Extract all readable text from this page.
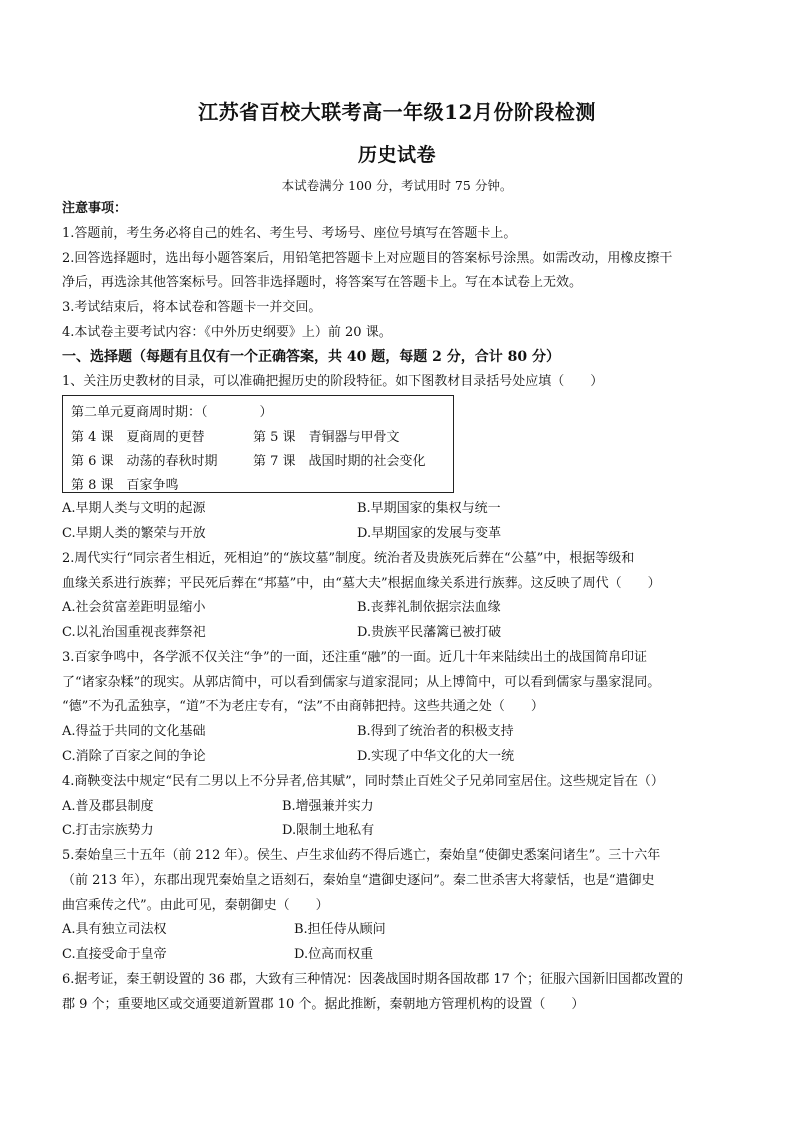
江苏省百校大联考高一年级12月份阶段检测
历史试卷
本试卷满分 100 分，考试用时 75 分钟。
注意事项：
1.答题前，考生务必将自己的姓名、考生号、考场号、座位号填写在答题卡上。
2.回答选择题时，选出每小题答案后，用铅笔把答题卡上对应题目的答案标号涂黑。如需改动，用橡皮擦干
净后，再选涂其他答案标号。回答非选择题时，将答案写在答题卡上。写在本试卷上无效。
3.考试结束后，将本试卷和答题卡一并交回。
4.本试卷主要考试内容：《中外历史纲要》上）前 20 课。
一、选择题（每题有且仅有一个正确答案，共 40 题，每题 2 分，合计 80 分）
1、关注历史教材的目录，可以准确把握历史的阶段特征。如下图教材目录括号处应填（　　）
第二单元夏商周时期：（　　　　）
第 4 课　夏商周的更替	第 5 课　青铜器与甲骨文
第 6 课　动荡的春秋时期	第 7 课　战国时期的社会变化
第 8 课　百家争鸣
A.早期人类与文明的起源	B.早期国家的集权与统一
C.早期人类的繁荣与开放	D.早期国家的发展与变革
2.周代实行“同宗者生相近，死相迫”的“族坟墓”制度。统治者及贵族死后葬在“公墓”中，根据等级和
血缘关系进行族葬；平民死后葬在“邦墓”中，由“墓大夫”根据血缘关系进行族葬。这反映了周代（　　）
A.社会贫富差距明显缩小	B.丧葬礼制依据宗法血缘
C.以礼治国重视丧葬祭祀	D.贵族平民藩篱已被打破
3.百家争鸣中，各学派不仅关注“争”的一面，还注重“融”的一面。近几十年来陆续出土的战国简帛印证
了“诸家杂糅”的现实。从郭店简中，可以看到儒家与道家混同；从上博简中，可以看到儒家与墨家混同。
“德”不为孔孟独享，“道”不为老庄专有，“法”不由商韩把持。这些共通之处（　　）
A.得益于共同的文化基础	B.得到了统治者的积极支持
C.消除了百家之间的争论	D.实现了中华文化的大一统
4.商鞅变法中规定“民有二男以上不分异者,倍其赋”，同时禁止百姓父子兄弟同室居住。这些规定旨在（）
A.普及郡县制度	B.增强兼并实力
C.打击宗族势力	D.限制土地私有
5.秦始皇三十五年（前 212 年）。侯生、卢生求仙药不得后逃亡，秦始皇“使御史悉案问诸生”。三十六年
（前 213 年），东郡出现咒秦始皇之语刻石，秦始皇“遣御史逐问”。秦二世杀害大将蒙恬，也是“遣御史
曲宫乘传之代”。由此可见，秦朝御史（　　）
A.具有独立司法权	B.担任侍从顾问
C.直接受命于皇帝	D.位高而权重
6.据考证，秦王朝设置的 36 郡，大致有三种情况：因袭战国时期各国故郡 17 个；征服六国新旧国都改置的
郡 9 个；重要地区或交通要道新置郡 10 个。据此推断，秦朝地方管理机构的设置（　　）
